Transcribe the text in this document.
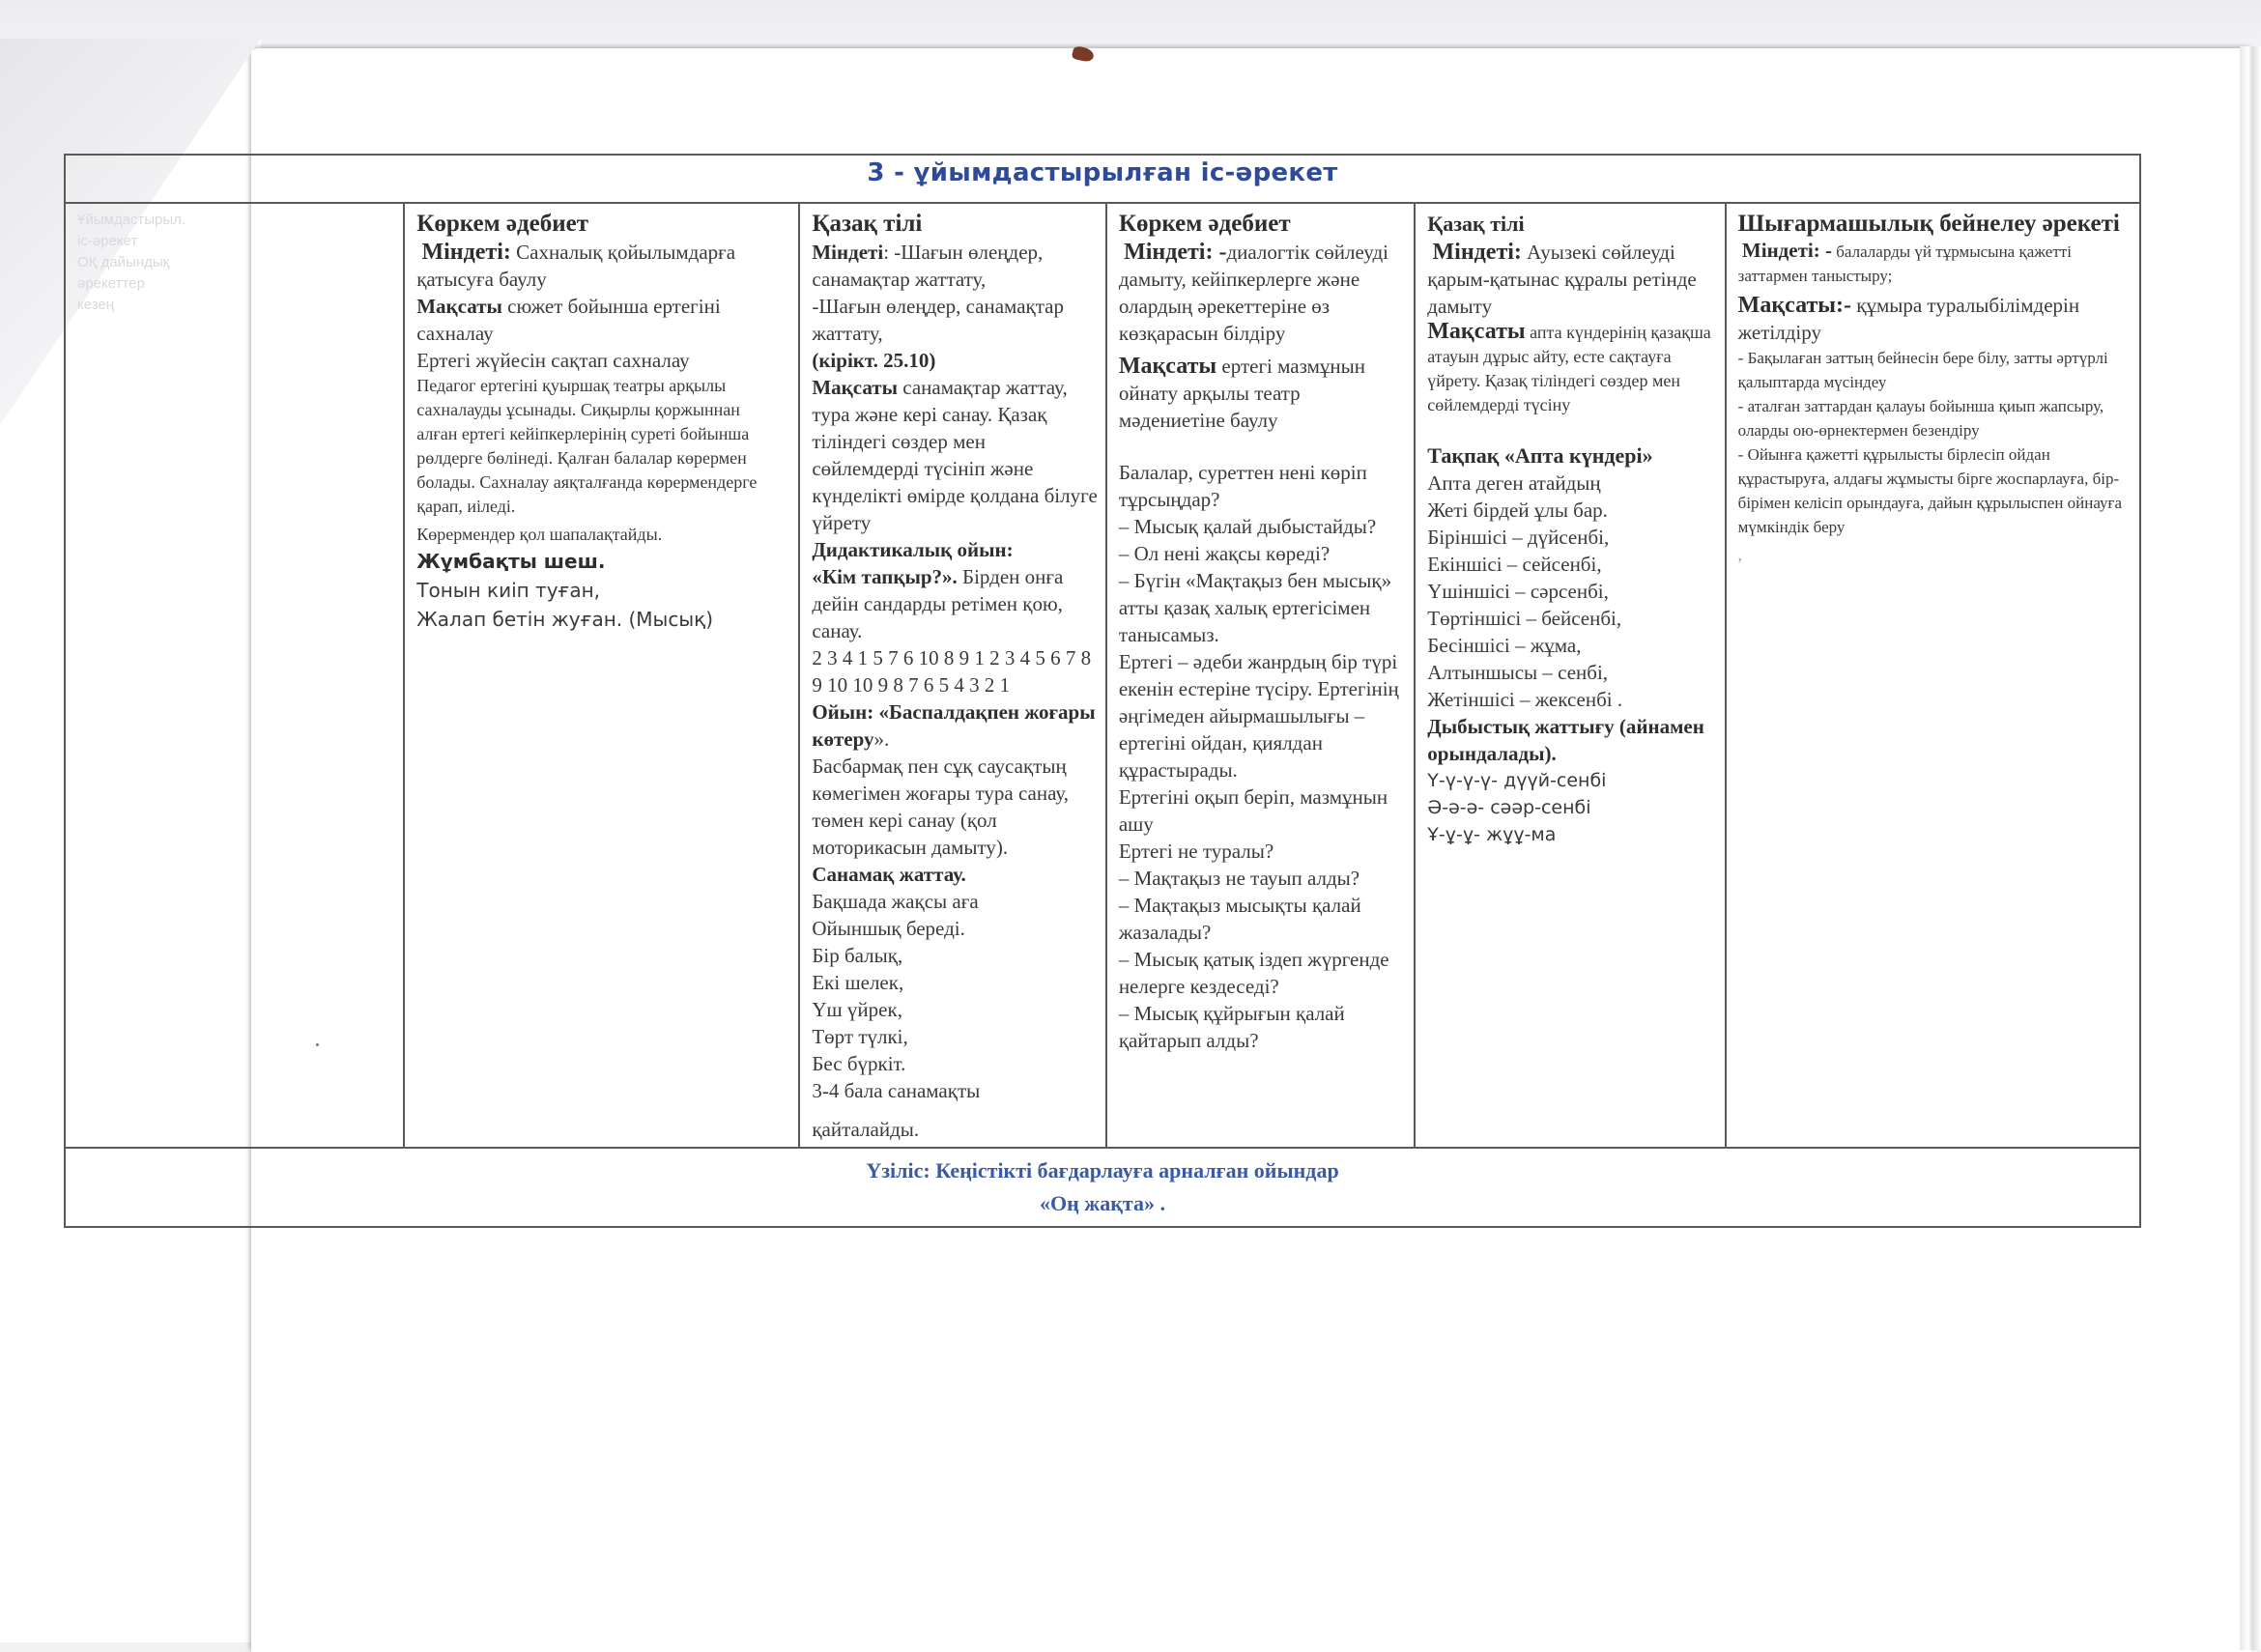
3 - ұйымдастырылған іс-әрекет

Ұйымдастырыл.
іс-әрекет
ОҚ дайындық
әрекеттер
кезең

Көркем әдебиет
Міндеті: Сахналық қойылымдарға қатысуға баулу
Мақсаты сюжет бойынша ертегіні сахналау
Ертегі жүйесін сақтап сахналау
Педагог ертегіні қуыршақ театры арқылы сахналауды ұсынады. Сиқырлы қоржыннан
алған ертегі кейіпкерлерінің суреті бойынша рөлдерге бөлінеді. Қалған балалар көрермен
болады. Сахналау аяқталғанда көрермендерге қарап, иіледі.
Көрермендер қол шапалақтайды.
Жұмбақты шеш.
Тонын киіп туған,
Жалап бетін жуған. (Мысық)

Қазақ тілі
Міндеті: -Шағын өлеңдер, санамақтар жаттату,
-Шағын өлеңдер, санамақтар жаттату,
(кірікт. 25.10)
Мақсаты санамақтар жаттау, тура және кері санау. Қазақ тіліндегі сөздер мен сөйлемдерді түсініп және күнделікті өмірде қолдана білуге үйрету
Дидактикалық ойын:
«Кім тапқыр?». Бірден онға дейін сандарды ретімен қою, санау.
2 3 4 1 5 7 6 10 8 9 1 2 3 4 5 6 7 8 9 10 10 9 8 7 6 5 4 3 2 1
Ойын: «Баспалдақпен жоғары көтеру».
Басбармақ пен сұқ саусақтың көмегімен жоғары тура санау, төмен кері санау (қол моторикасын дамыту).
Санамақ жаттау.
Бақшада жақсы аға
Ойыншық береді.
Бір балық,
Екі шелек,
Үш үйрек,
Төрт түлкі,
Бес бүркіт.
3-4 бала санамақты
қайталайды.

Көркем әдебиет
Міндеті: -диалогтік сөйлеуді дамыту, кейіпкерлерге және олардың әрекеттеріне өз көзқарасын білдіру
Мақсаты ертегі мазмұнын ойнату арқылы театр мәдениетіне баулу
Балалар, суреттен нені көріп тұрсыңдар?
– Мысық қалай дыбыстайды?
– Ол нені жақсы көреді?
– Бүгін «Мақтақыз бен мысық» атты қазақ халық ертегісімен танысамыз.
Ертегі – әдеби жанрдың бір түрі екенін естеріне түсіру. Ертегінің әңгімеден айырмашылығы – ертегіні ойдан, қиялдан құрастырады.
Ертегіні оқып беріп, мазмұнын ашу
Ертегі не туралы?
– Мақтақыз не тауып алды?
– Мақтақыз мысықты қалай жазалады?
– Мысық қатық іздеп жүргенде нелерге кездеседі?
– Мысық құйрығын қалай қайтарып алды?

Қазақ тілі
Міндеті: Ауызекі сөйлеуді қарым-қатынас құралы ретінде дамыту
Мақсаты апта күндерінің қазақша атауын дұрыс айту, есте сақтауға үйрету. Қазақ тіліндегі сөздер мен сөйлемдерді түсіну
Тақпақ «Апта күндері»
Апта деген атайдың
Жеті бірдей ұлы бар.
Біріншісі – дүйсенбі,
Екіншісі – сейсенбі,
Үшіншісі – сәрсенбі,
Төртіншісі – бейсенбі,
Бесіншісі – жұма,
Алтыншысы – сенбі,
Жетіншісі – жексенбі .
Дыбыстық жаттығу (айнамен орындалады).
Ү-ү-ү-ү- дүүй-сенбі
Ә-ә-ә- сәәр-сенбі
Ұ-ұ-ұ- жұұ-ма

Шығармашылық бейнелеу әрекеті
Міндеті: - балаларды үй тұрмысына қажетті заттармен таныстыру;
Мақсаты:- құмыра туралыбілімдерін жетілдіру
- Бақылаған заттың бейнесін бере білу, затты әртүрлі қалыптарда мүсіндеу
- аталған заттардан қалауы бойынша қиып жапсыру, оларды ою-өрнектермен безендіру
- Ойынға қажетті құрылысты бірлесіп ойдан құрастыруға, алдағы жұмысты бірге жоспарлауға, бір-бірімен келісіп орындауға, дайын құрылыспен ойнауға мүмкіндік беру
,

Үзіліс: Кеңістікті бағдарлауға арналған ойындар
«Оң жақта» .
